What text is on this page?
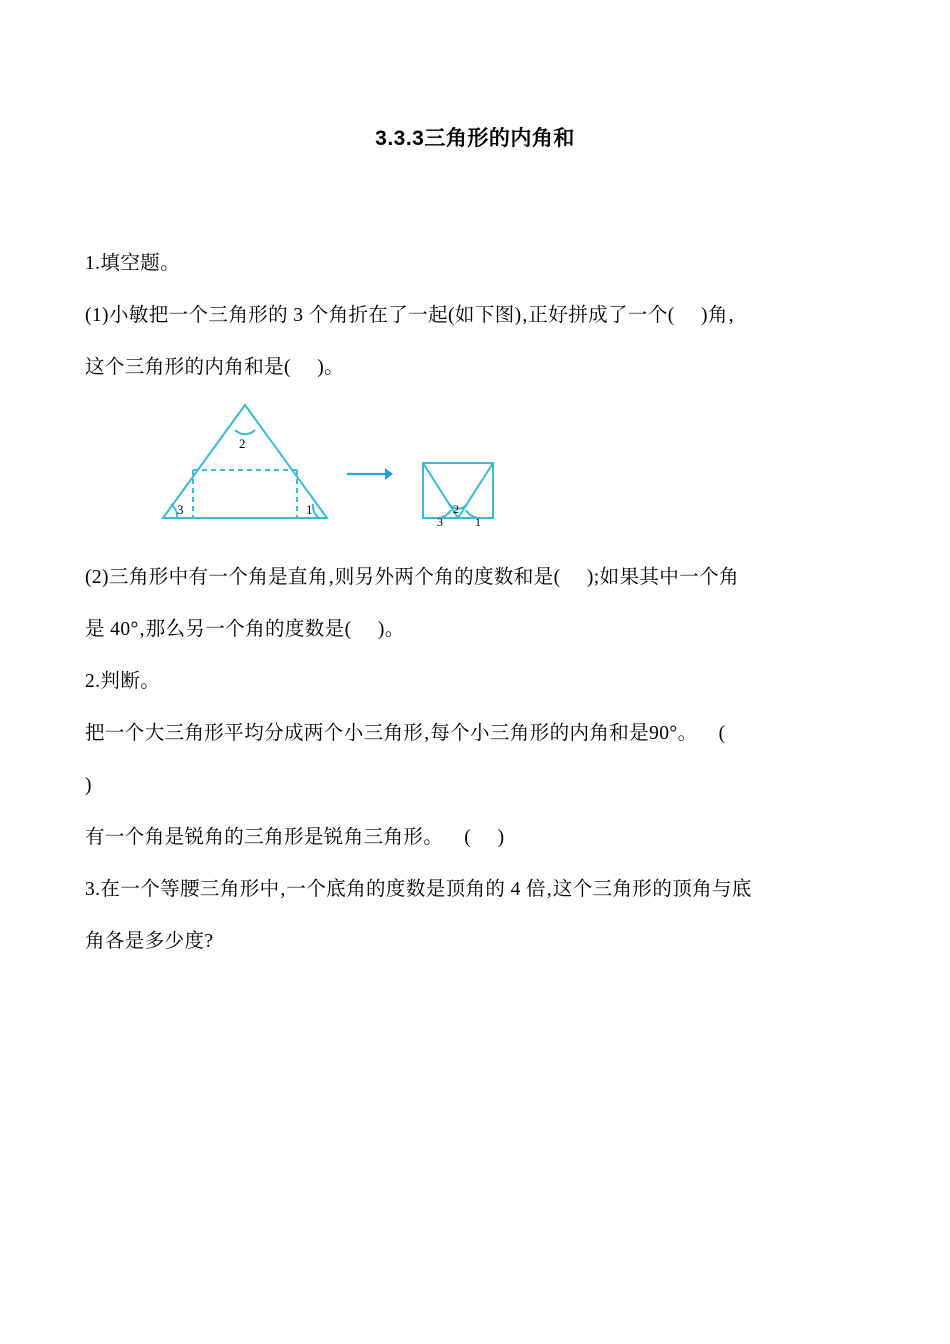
3.3.3三角形的内角和

1.填空题。

(1)小敏把一个三角形的 3 个角折在了一起(如下图)‚正好拼成了一个(     )角‚

这个三角形的内角和是(     )。

2
3	1	2
3	1

(2)三角形中有一个角是直角‚则另外两个角的度数和是(     );如果其中一个角

是 40°‚那么另一个角的度数是(     )。

2.判断。

把一个大三角形平均分成两个小三角形‚每个小三角形的内角和是90°。    (

)

有一个角是锐角的三角形是锐角三角形。    (     )

3.在一个等腰三角形中‚一个底角的度数是顶角的 4 倍‚这个三角形的顶角与底

角各是多少度?
